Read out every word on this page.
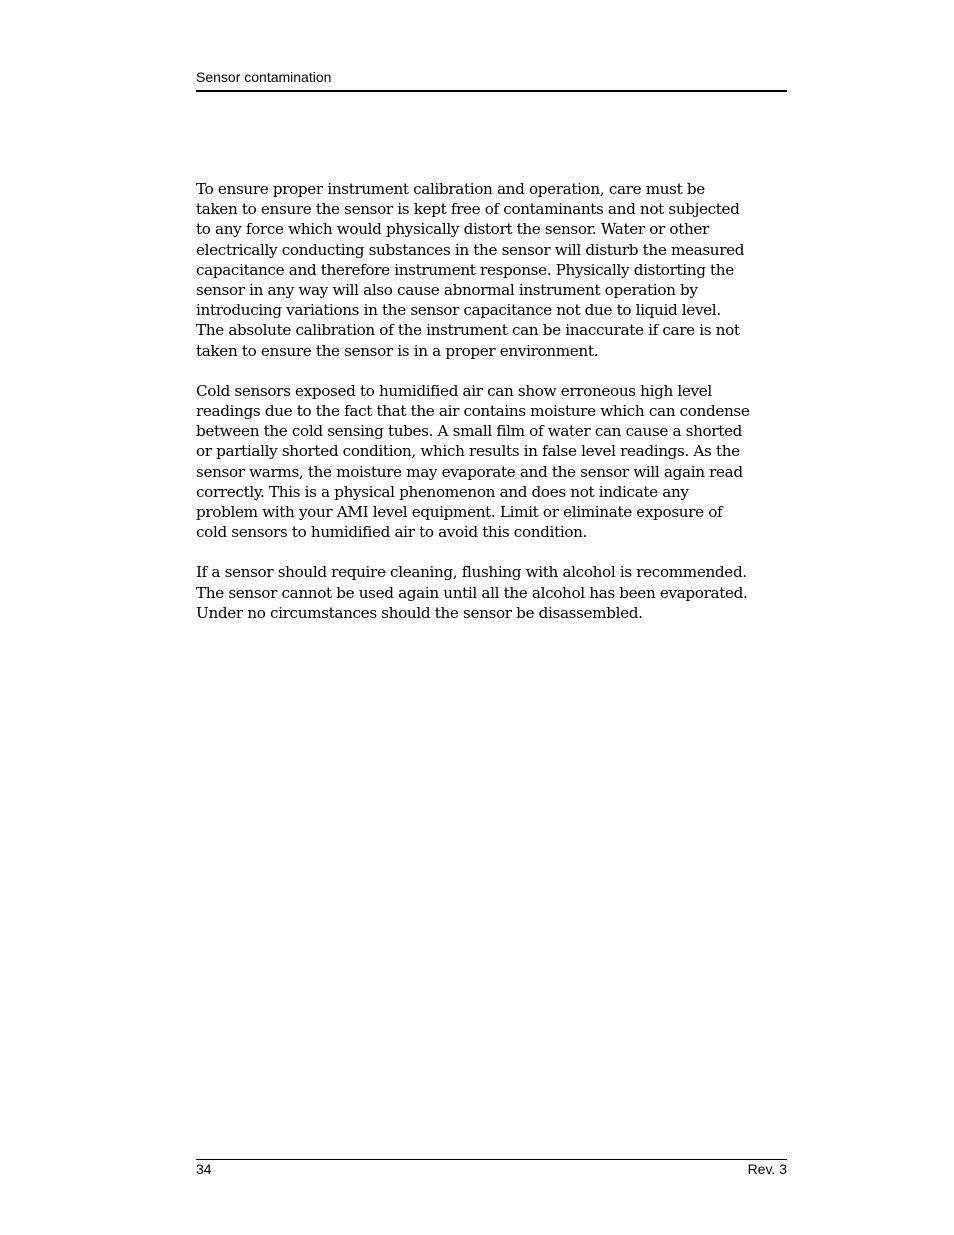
Sensor contamination

To ensure proper instrument calibration and operation, care must be
taken to ensure the sensor is kept free of contaminants and not subjected
to any force which would physically distort the sensor. Water or other
electrically conducting substances in the sensor will disturb the measured
capacitance and therefore instrument response. Physically distorting the
sensor in any way will also cause abnormal instrument operation by
introducing variations in the sensor capacitance not due to liquid level.
The absolute calibration of the instrument can be inaccurate if care is not
taken to ensure the sensor is in a proper environment.

Cold sensors exposed to humidified air can show erroneous high level
readings due to the fact that the air contains moisture which can condense
between the cold sensing tubes. A small film of water can cause a shorted
or partially shorted condition, which results in false level readings. As the
sensor warms, the moisture may evaporate and the sensor will again read
correctly. This is a physical phenomenon and does not indicate any
problem with your AMI level equipment. Limit or eliminate exposure of
cold sensors to humidified air to avoid this condition.

If a sensor should require cleaning, flushing with alcohol is recommended.
The sensor cannot be used again until all the alcohol has been evaporated.
Under no circumstances should the sensor be disassembled.

34	Rev. 3
